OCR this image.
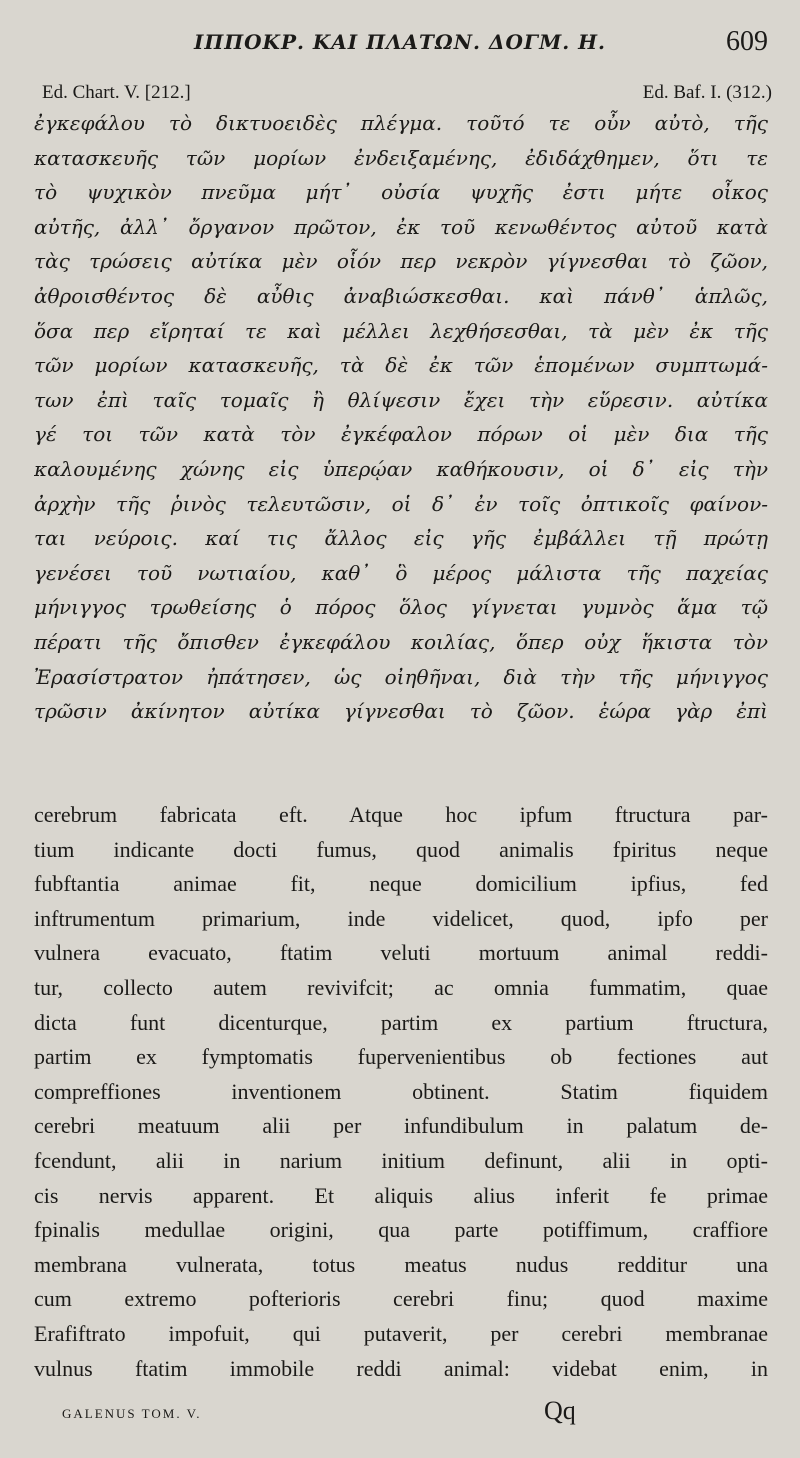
ΙΠΠΟΚΡ. ΚΑΙ ΠΛΑΤΩΝ. ΔΟΓΜ. Η.	609
Ed. Chart. V. [212.]	Ed. Baf. I. (312.)
ἐγκεφάλου τὸ δικτυοειδὲς πλέγμα. τοῦτό τε οὖν αὐτὸ, τῆς
κατασκευῆς τῶν μορίων ἐνδειξαμένης, ἐδιδάχθημεν, ὅτι τε
τὸ ψυχικὸν πνεῦμα μήτ᾽ οὐσία ψυχῆς ἐστι μήτε οἶκος
αὐτῆς, ἀλλ᾽ ὄργανον πρῶτον, ἐκ τοῦ κενωθέντος αὐτοῦ κατὰ
τὰς τρώσεις αὐτίκα μὲν οἷόν περ νεκρὸν γίγνεσθαι τὸ ζῶον,
ἀθροισθέντος δὲ αὖθις ἀναβιώσκεσθαι. καὶ πάνθ᾽ ἁπλῶς,
ὅσα περ εἴρηταί τε καὶ μέλλει λεχθήσεσθαι, τὰ μὲν ἐκ τῆς
τῶν μορίων κατασκευῆς, τὰ δὲ ἐκ τῶν ἑπομένων συμπτωμά-
των ἐπὶ ταῖς τομαῖς ἢ θλίψεσιν ἔχει τὴν εὕρεσιν. αὐτίκα
γέ τοι τῶν κατὰ τὸν ἐγκέφαλον πόρων οἱ μὲν δια τῆς
καλουμένης χώνης εἰς ὑπερῴαν καθήκουσιν, οἱ δ᾽ εἰς τὴν
ἀρχὴν τῆς ῥινὸς τελευτῶσιν, οἱ δ᾽ ἐν τοῖς ὀπτικοῖς φαίνον-
ται νεύροις. καί τις ἄλλος εἰς γῆς ἐμβάλλει τῇ πρώτῃ
γενέσει τοῦ νωτιαίου, καθ᾽ ὃ μέρος μάλιστα τῆς παχείας
μήνιγγος τρωθείσης ὁ πόρος ὅλος γίγνεται γυμνὸς ἅμα τῷ
πέρατι τῆς ὄπισθεν ἐγκεφάλου κοιλίας, ὅπερ οὐχ ἥκιστα τὸν
Ἐρασίστρατον ἠπάτησεν, ὡς οἰηθῆναι, διὰ τὴν τῆς μήνιγγος
τρῶσιν ἀκίνητον αὐτίκα γίγνεσθαι τὸ ζῶον. ἑώρα γὰρ ἐπὶ
cerebrum fabricata eft. Atque hoc ipfum ftructura par-
tium indicante docti fumus, quod animalis fpiritus neque
fubftantia animae fit, neque domicilium ipfius, fed
inftrumentum primarium, inde videlicet, quod, ipfo per
vulnera evacuato, ftatim veluti mortuum animal reddi-
tur, collecto autem revivifcit; ac omnia fummatim, quae
dicta funt dicenturque, partim ex partium ftructura,
partim ex fymptomatis fupervenientibus ob fectiones aut
compreffiones inventionem obtinent. Statim fiquidem
cerebri meatuum alii per infundibulum in palatum de-
fcendunt, alii in narium initium definunt, alii in opti-
cis nervis apparent. Et aliquis alius inferit fe primae
fpinalis medullae origini, qua parte potiffimum, craffiore
membrana vulnerata, totus meatus nudus redditur una
cum extremo pofterioris cerebri finu; quod maxime
Erafiftrato impofuit, qui putaverit, per cerebri membranae
vulnus ftatim immobile reddi animal: videbat enim, in
GALENUS TOM. V.	Qq
